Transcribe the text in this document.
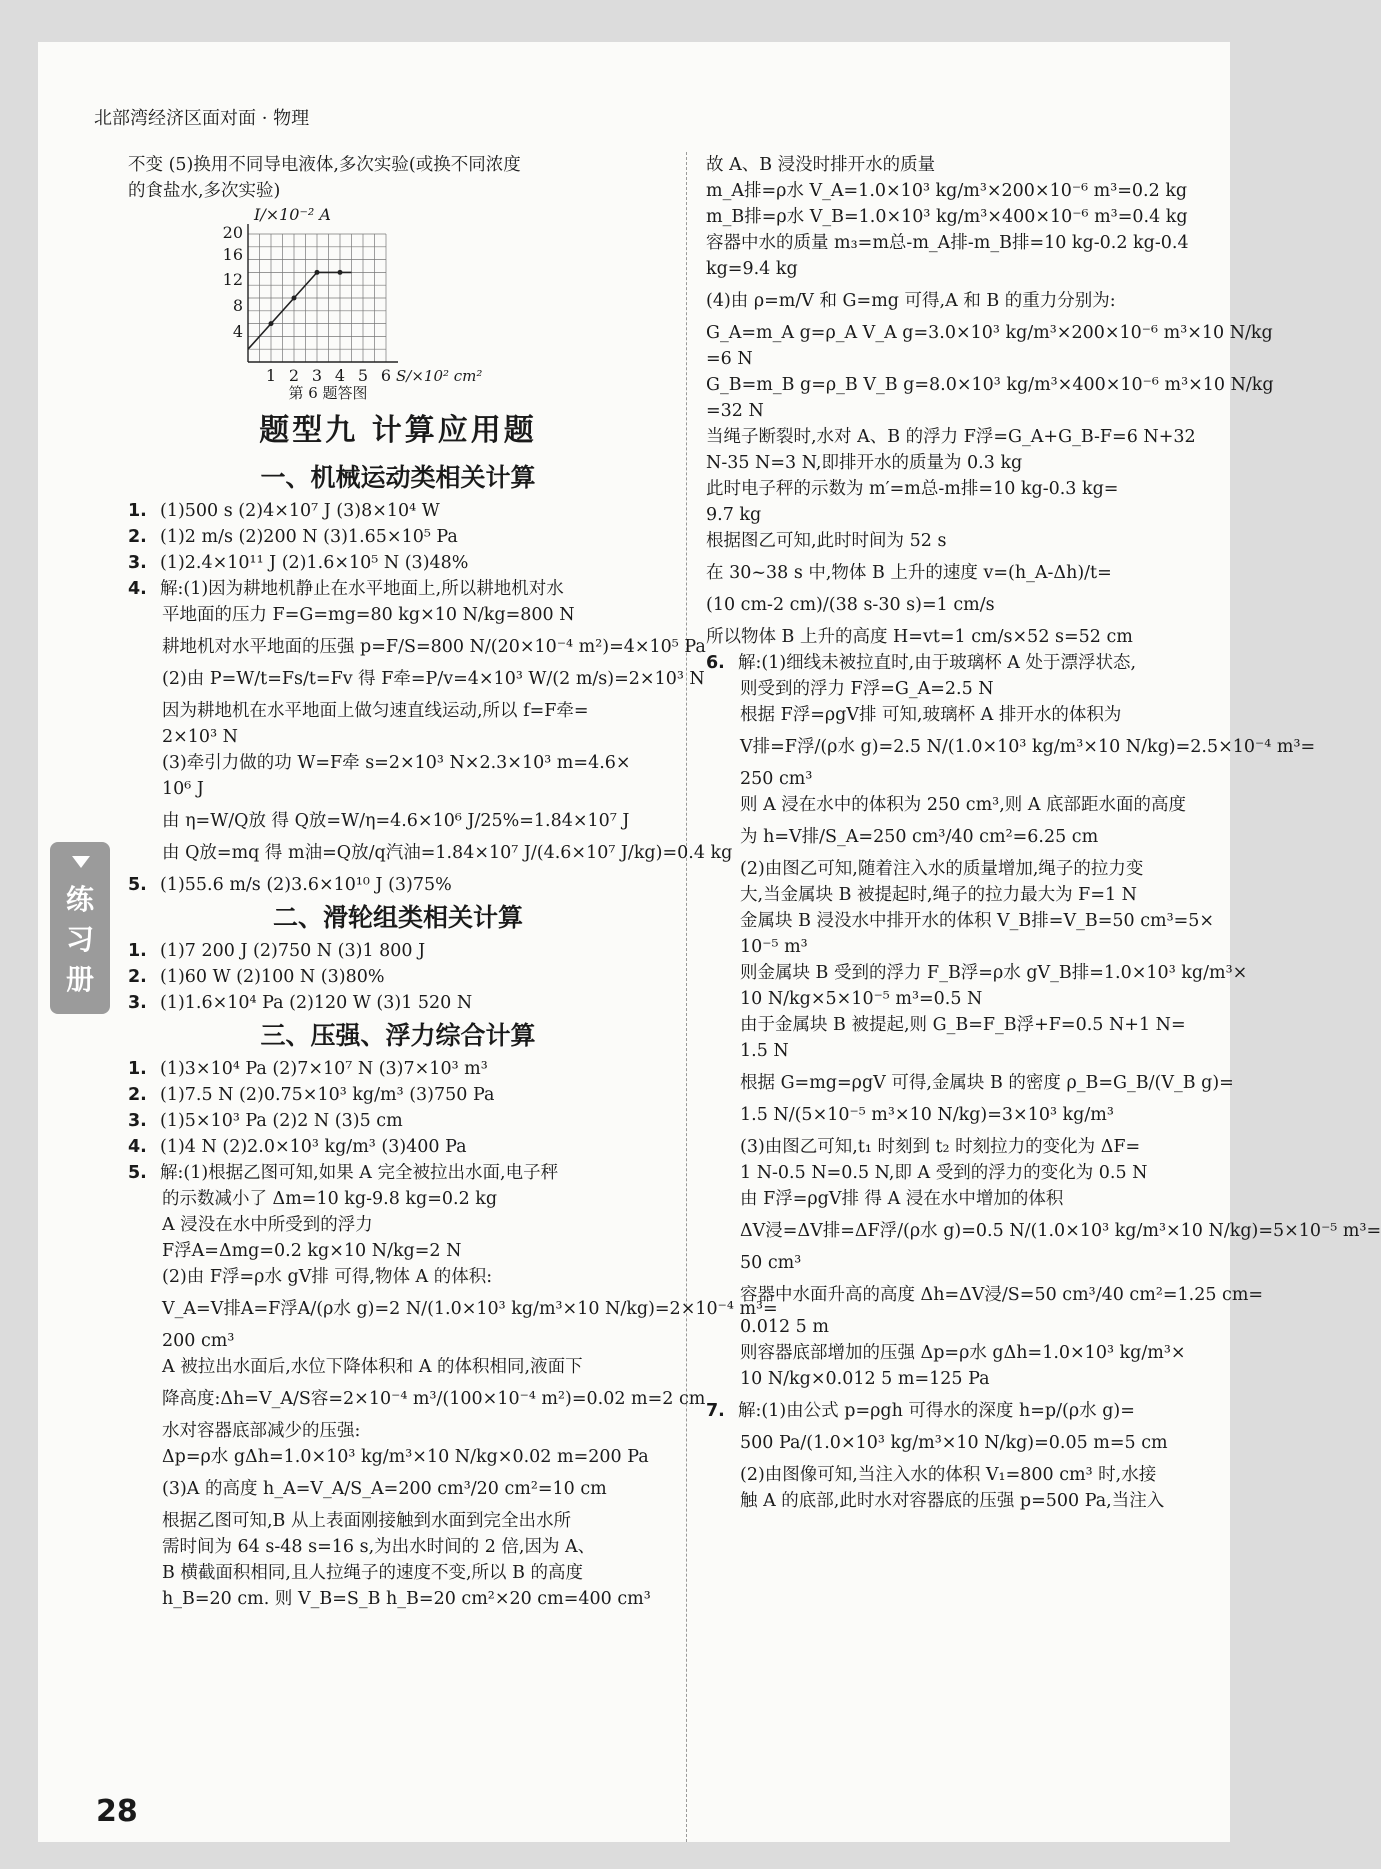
北部湾经济区面对面 · 物理
练习册
不变 (5)换用不同导电液体,多次实验(或换不同浓度
的食盐水,多次实验)
4
8
12
16
20
1 2 3 4 5 6
I/×10⁻² A
S/×10² cm²
第 6 题答图
题型九 计算应用题
一、机械运动类相关计算
1. (1)500 s (2)4×10⁷ J (3)8×10⁴ W
2. (1)2 m/s (2)200 N (3)1.65×10⁵ Pa
3. (1)2.4×10¹¹ J (2)1.6×10⁵ N (3)48%
4. 解:(1)因为耕地机静止在水平地面上,所以耕地机对水
平地面的压力 F=G=mg=80 kg×10 N/kg=800 N
耕地机对水平地面的压强 p=F/S=800 N/(20×10⁻⁴ m²)=4×10⁵ Pa
(2)由 P=W/t=Fs/t=Fv 得 F牵=P/v=4×10³ W/(2 m/s)=2×10³ N
因为耕地机在水平地面上做匀速直线运动,所以 f=F牵=
2×10³ N
(3)牵引力做的功 W=F牵 s=2×10³ N×2.3×10³ m=4.6×
10⁶ J
由 η=W/Q放 得 Q放=W/η=4.6×10⁶ J/25%=1.84×10⁷ J
由 Q放=mq 得 m油=Q放/q汽油=1.84×10⁷ J/(4.6×10⁷ J/kg)=0.4 kg
5. (1)55.6 m/s (2)3.6×10¹⁰ J (3)75%
二、滑轮组类相关计算
1. (1)7 200 J (2)750 N (3)1 800 J
2. (1)60 W (2)100 N (3)80%
3. (1)1.6×10⁴ Pa (2)120 W (3)1 520 N
三、压强、浮力综合计算
1. (1)3×10⁴ Pa (2)7×10⁷ N (3)7×10³ m³
2. (1)7.5 N (2)0.75×10³ kg/m³ (3)750 Pa
3. (1)5×10³ Pa (2)2 N (3)5 cm
4. (1)4 N (2)2.0×10³ kg/m³ (3)400 Pa
5. 解:(1)根据乙图可知,如果 A 完全被拉出水面,电子秤
的示数减小了 Δm=10 kg-9.8 kg=0.2 kg
A 浸没在水中所受到的浮力
F浮A=Δmg=0.2 kg×10 N/kg=2 N
(2)由 F浮=ρ水 gV排 可得,物体 A 的体积:
V_A=V排A=F浮A/(ρ水 g)=2 N/(1.0×10³ kg/m³×10 N/kg)=2×10⁻⁴ m³=
200 cm³
A 被拉出水面后,水位下降体积和 A 的体积相同,液面下
降高度:Δh=V_A/S容=2×10⁻⁴ m³/(100×10⁻⁴ m²)=0.02 m=2 cm
水对容器底部减少的压强:
Δp=ρ水 gΔh=1.0×10³ kg/m³×10 N/kg×0.02 m=200 Pa
(3)A 的高度 h_A=V_A/S_A=200 cm³/20 cm²=10 cm
根据乙图可知,B 从上表面刚接触到水面到完全出水所
需时间为 64 s-48 s=16 s,为出水时间的 2 倍,因为 A、
B 横截面积相同,且人拉绳子的速度不变,所以 B 的高度
h_B=20 cm. 则 V_B=S_B h_B=20 cm²×20 cm=400 cm³
故 A、B 浸没时排开水的质量
m_A排=ρ水 V_A=1.0×10³ kg/m³×200×10⁻⁶ m³=0.2 kg
m_B排=ρ水 V_B=1.0×10³ kg/m³×400×10⁻⁶ m³=0.4 kg
容器中水的质量 m₃=m总-m_A排-m_B排=10 kg-0.2 kg-0.4
kg=9.4 kg
(4)由 ρ=m/V 和 G=mg 可得,A 和 B 的重力分别为:
G_A=m_A g=ρ_A V_A g=3.0×10³ kg/m³×200×10⁻⁶ m³×10 N/kg
=6 N
G_B=m_B g=ρ_B V_B g=8.0×10³ kg/m³×400×10⁻⁶ m³×10 N/kg
=32 N
当绳子断裂时,水对 A、B 的浮力 F浮=G_A+G_B-F=6 N+32
N-35 N=3 N,即排开水的质量为 0.3 kg
此时电子秤的示数为 m′=m总-m排=10 kg-0.3 kg=
9.7 kg
根据图乙可知,此时时间为 52 s
在 30~38 s 中,物体 B 上升的速度 v=(h_A-Δh)/t=
(10 cm-2 cm)/(38 s-30 s)=1 cm/s
所以物体 B 上升的高度 H=vt=1 cm/s×52 s=52 cm
6. 解:(1)细线未被拉直时,由于玻璃杯 A 处于漂浮状态,
则受到的浮力 F浮=G_A=2.5 N
根据 F浮=ρgV排 可知,玻璃杯 A 排开水的体积为
V排=F浮/(ρ水 g)=2.5 N/(1.0×10³ kg/m³×10 N/kg)=2.5×10⁻⁴ m³=
250 cm³
则 A 浸在水中的体积为 250 cm³,则 A 底部距水面的高度
为 h=V排/S_A=250 cm³/40 cm²=6.25 cm
(2)由图乙可知,随着注入水的质量增加,绳子的拉力变
大,当金属块 B 被提起时,绳子的拉力最大为 F=1 N
金属块 B 浸没水中排开水的体积 V_B排=V_B=50 cm³=5×
10⁻⁵ m³
则金属块 B 受到的浮力 F_B浮=ρ水 gV_B排=1.0×10³ kg/m³×
10 N/kg×5×10⁻⁵ m³=0.5 N
由于金属块 B 被提起,则 G_B=F_B浮+F=0.5 N+1 N=
1.5 N
根据 G=mg=ρgV 可得,金属块 B 的密度 ρ_B=G_B/(V_B g)=
1.5 N/(5×10⁻⁵ m³×10 N/kg)=3×10³ kg/m³
(3)由图乙可知,t₁ 时刻到 t₂ 时刻拉力的变化为 ΔF=
1 N-0.5 N=0.5 N,即 A 受到的浮力的变化为 0.5 N
由 F浮=ρgV排 得 A 浸在水中增加的体积
ΔV浸=ΔV排=ΔF浮/(ρ水 g)=0.5 N/(1.0×10³ kg/m³×10 N/kg)=5×10⁻⁵ m³=
50 cm³
容器中水面升高的高度 Δh=ΔV浸/S=50 cm³/40 cm²=1.25 cm=
0.012 5 m
则容器底部增加的压强 Δp=ρ水 gΔh=1.0×10³ kg/m³×
10 N/kg×0.012 5 m=125 Pa
7. 解:(1)由公式 p=ρgh 可得水的深度 h=p/(ρ水 g)=
500 Pa/(1.0×10³ kg/m³×10 N/kg)=0.05 m=5 cm
(2)由图像可知,当注入水的体积 V₁=800 cm³ 时,水接
触 A 的底部,此时水对容器底的压强 p=500 Pa,当注入
28
